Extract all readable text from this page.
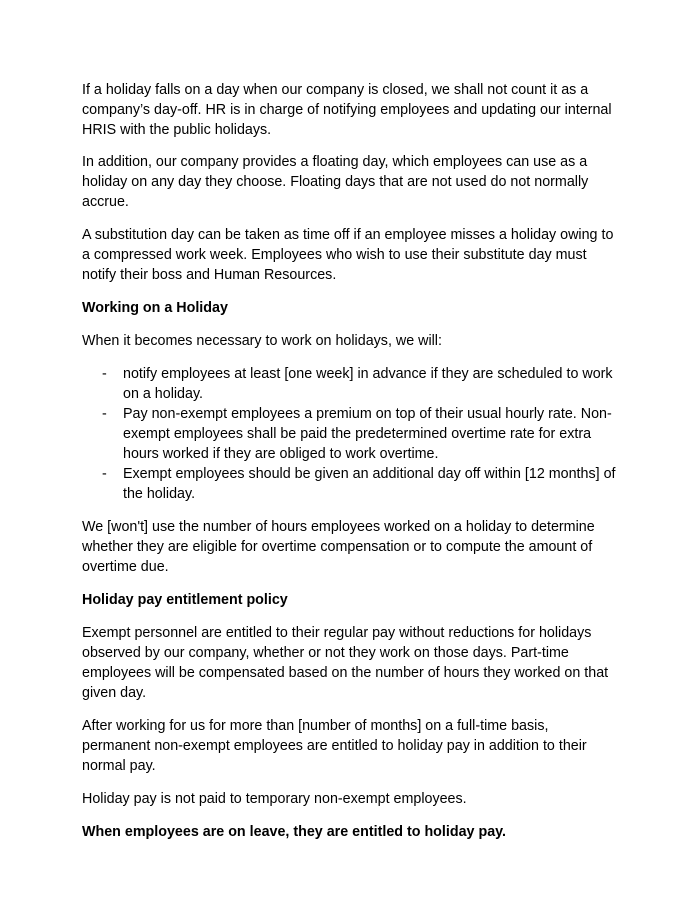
If a holiday falls on a day when our company is closed, we shall not count it as a company’s day-off. HR is in charge of notifying employees and updating our internal HRIS with the public holidays.

In addition, our company provides a floating day, which employees can use as a holiday on any day they choose. Floating days that are not used do not normally accrue.

A substitution day can be taken as time off if an employee misses a holiday owing to a compressed work week. Employees who wish to use their substitute day must notify their boss and Human Resources.

Working on a Holiday

When it becomes necessary to work on holidays, we will:

- notify employees at least [one week] in advance if they are scheduled to work on a holiday.
- Pay non-exempt employees a premium on top of their usual hourly rate. Non-exempt employees shall be paid the predetermined overtime rate for extra hours worked if they are obliged to work overtime.
- Exempt employees should be given an additional day off within [12 months] of the holiday.

We [won't] use the number of hours employees worked on a holiday to determine whether they are eligible for overtime compensation or to compute the amount of overtime due.

Holiday pay entitlement policy

Exempt personnel are entitled to their regular pay without reductions for holidays observed by our company, whether or not they work on those days. Part-time employees will be compensated based on the number of hours they worked on that given day.

After working for us for more than [number of months] on a full-time basis, permanent non-exempt employees are entitled to holiday pay in addition to their normal pay.

Holiday pay is not paid to temporary non-exempt employees.

When employees are on leave, they are entitled to holiday pay.
